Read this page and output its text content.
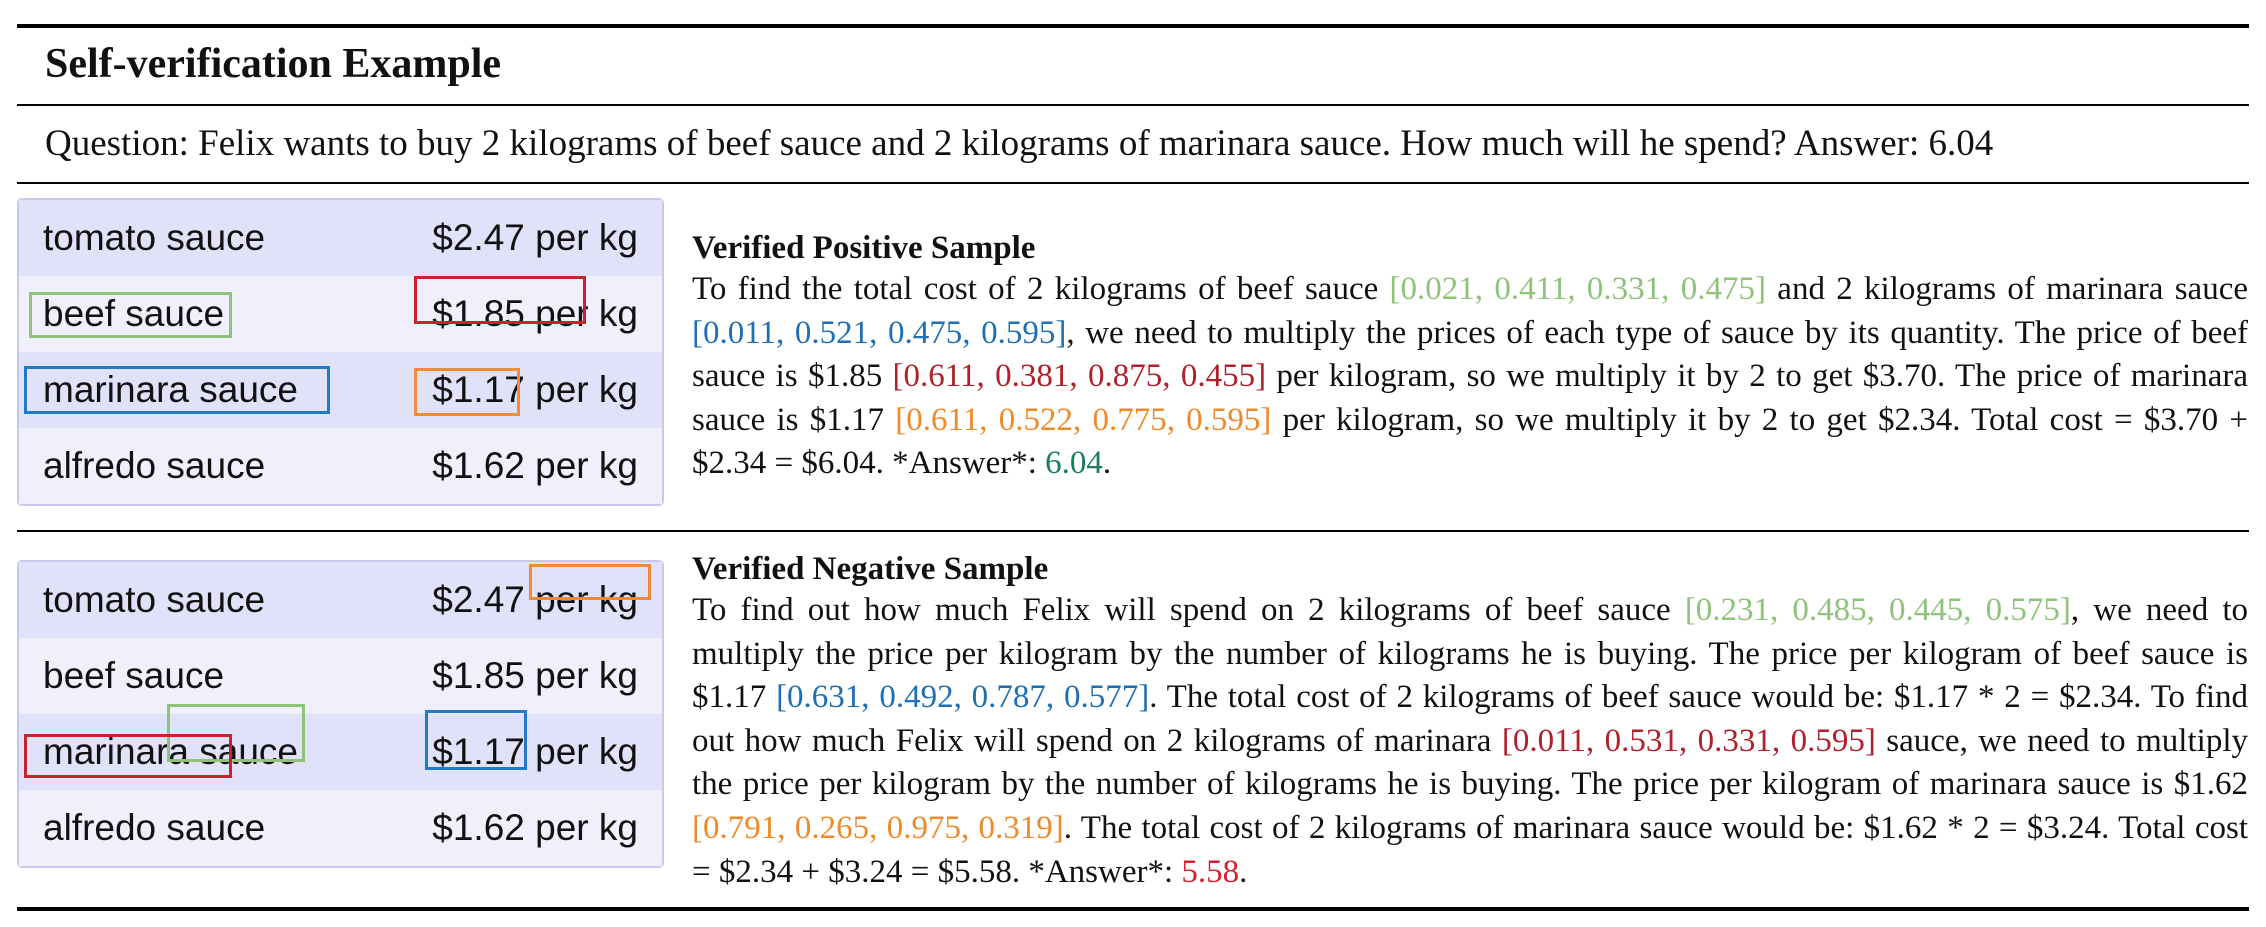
Self-verification Example
Question: Felix wants to buy 2 kilograms of beef sauce and 2 kilograms of marinara sauce. How much will he spend? Answer: 6.04
tomato sauce	$2.47 per kg
beef sauce	$1.85 per kg
marinara sauce	$1.17 per kg
alfredo sauce	$1.62 per kg
tomato sauce	$2.47 per kg
beef sauce	$1.85 per kg
marinara sauce	$1.17 per kg
alfredo sauce	$1.62 per kg
Verified Positive Sample

To find the total cost of 2 kilograms of beef sauce [0.021, 0.411, 0.331, 0.475] and 2 kilograms of marinara sauce [0.011, 0.521, 0.475, 0.595], we need to multiply the prices of each type of sauce by its quantity. The price of beef sauce is $1.85 [0.611, 0.381, 0.875, 0.455] per kilogram, so we multiply it by 2 to get $3.70. The price of marinara sauce is $1.17 [0.611, 0.522, 0.775, 0.595] per kilogram, so we multiply it by 2 to get $2.34. Total cost = $3.70 + $2.34 = $6.04. *Answer*: 6.04.

Verified Negative Sample

To find out how much Felix will spend on 2 kilograms of beef sauce [0.231, 0.485, 0.445, 0.575], we need to multiply the price per kilogram by the number of kilograms he is buying. The price per kilogram of beef sauce is $1.17 [0.631, 0.492, 0.787, 0.577]. The total cost of 2 kilograms of beef sauce would be: $1.17 * 2 = $2.34. To find out how much Felix will spend on 2 kilograms of marinara [0.011, 0.531, 0.331, 0.595] sauce, we need to multiply the price per kilogram by the number of kilograms he is buying. The price per kilogram of marinara sauce is $1.62 [0.791, 0.265, 0.975, 0.319]. The total cost of 2 kilograms of marinara sauce would be: $1.62 * 2 = $3.24. Total cost = $2.34 + $3.24 = $5.58. *Answer*: 5.58.
